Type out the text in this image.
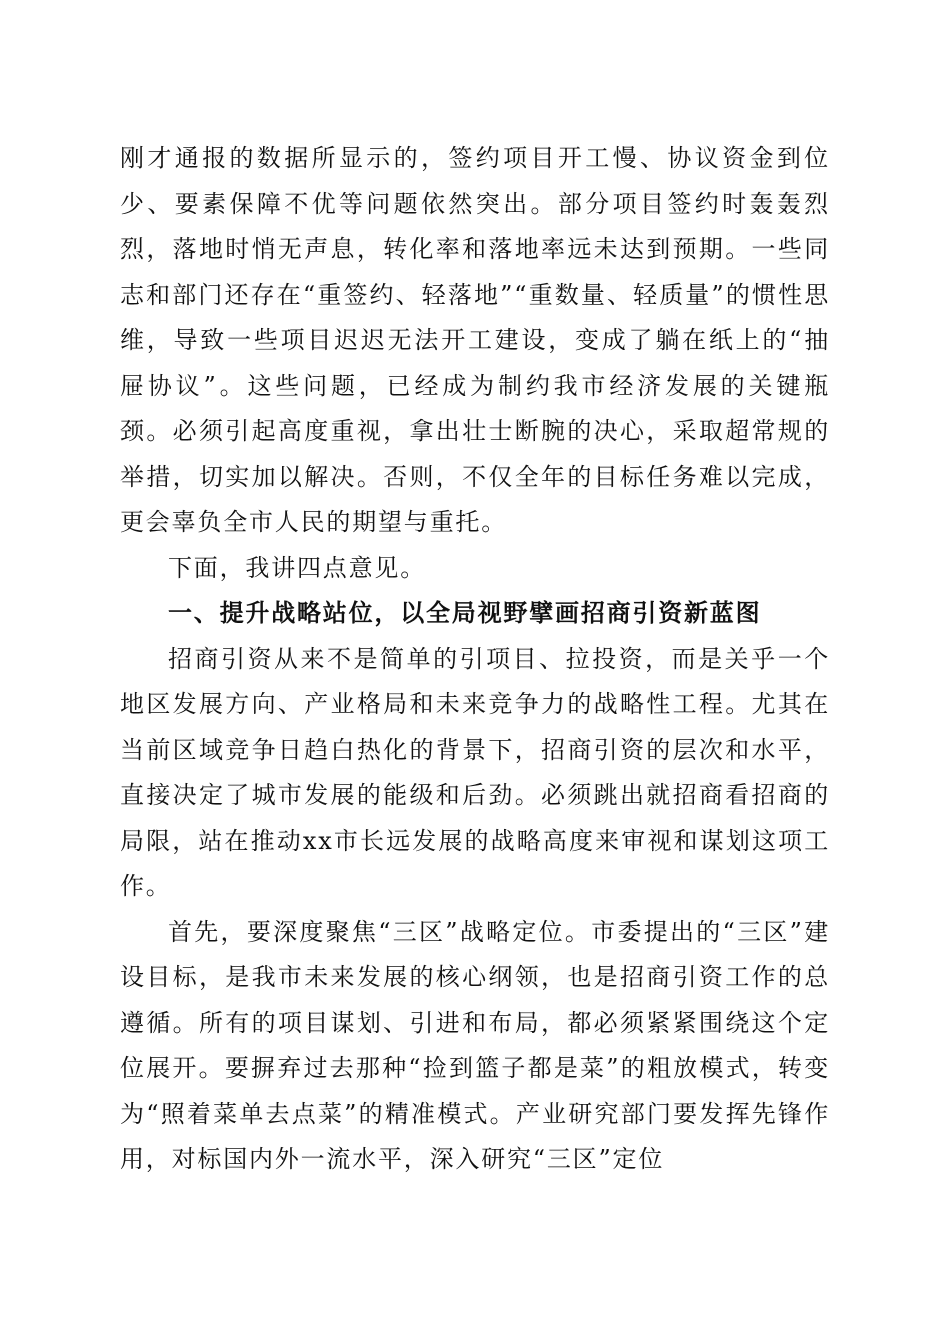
刚才通报的数据所显示的，签约项目开工慢、协议资金到位少、要素保障不优等问题依然突出。部分项目签约时轰轰烈烈，落地时悄无声息，转化率和落地率远未达到预期。一些同志和部门还存在“重签约、轻落地”“重数量、轻质量”的惯性思维，导致一些项目迟迟无法开工建设，变成了躺在纸上的“抽屉协议”。这些问题，已经成为制约我市经济发展的关键瓶颈。必须引起高度重视，拿出壮士断腕的决心，采取超常规的举措，切实加以解决。否则，不仅全年的目标任务难以完成，更会辜负全市人民的期望与重托。

下面，我讲四点意见。

一、提升战略站位，以全局视野擘画招商引资新蓝图

招商引资从来不是简单的引项目、拉投资，而是关乎一个地区发展方向、产业格局和未来竞争力的战略性工程。尤其在当前区域竞争日趋白热化的背景下，招商引资的层次和水平，直接决定了城市发展的能级和后劲。必须跳出就招商看招商的局限，站在推动xx市长远发展的战略高度来审视和谋划这项工作。

首先，要深度聚焦“三区”战略定位。市委提出的“三区”建设目标，是我市未来发展的核心纲领，也是招商引资工作的总遵循。所有的项目谋划、引进和布局，都必须紧紧围绕这个定位展开。要摒弃过去那种“捡到篮子都是菜”的粗放模式，转变为“照着菜单去点菜”的精准模式。产业研究部门要发挥先锋作用，对标国内外一流水平，深入研究“三区”定位
